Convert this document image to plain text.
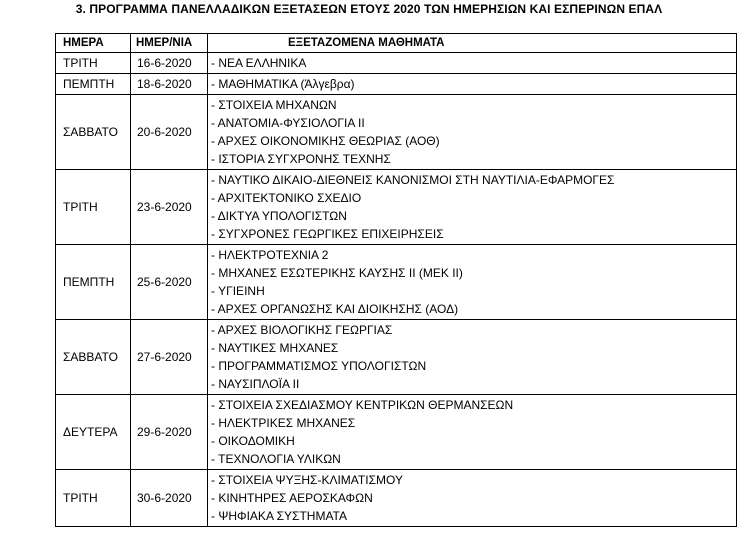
3. ΠΡΟΓΡΑΜΜΑ ΠΑΝΕΛΛΑΔΙΚΩΝ ΕΞΕΤΑΣΕΩΝ ΕΤΟΥΣ 2020 ΤΩΝ ΗΜΕΡΗΣΙΩΝ ΚΑΙ ΕΣΠΕΡΙΝΩΝ ΕΠΑΛ
ΗΜΕΡΑ	ΗΜΕΡ/ΝΙΑ	ΕΞΕΤΑΖΟΜΕΝΑ ΜΑΘΗΜΑΤΑ
ΤΡΙΤΗ	16-6-2020	- ΝΕΑ ΕΛΛΗΝΙΚΑ

ΠΕΜΠΤΗ	18-6-2020	- ΜΑΘΗΜΑΤΙΚΑ (Άλγεβρα)

ΣΑΒΒΑΤΟ	20-6-2020	- ΣΤΟΙΧΕΙΑ ΜΗΧΑΝΩΝ
- ΑΝΑΤΟΜΙΑ-ΦΥΣΙΟΛΟΓΙΑ ΙΙ
- ΑΡΧΕΣ ΟΙΚΟΝΟΜΙΚΗΣ ΘΕΩΡΙΑΣ (ΑΟΘ)
- ΙΣΤΟΡΙΑ ΣΥΓΧΡΟΝΗΣ ΤΕΧΝΗΣ

ΤΡΙΤΗ	23-6-2020	- ΝΑΥΤΙΚΟ ΔΙΚΑΙΟ-ΔΙΕΘΝΕΙΣ ΚΑΝΟΝΙΣΜΟΙ ΣΤΗ ΝΑΥΤΙΛΙΑ-ΕΦΑΡΜΟΓΕΣ
- ΑΡΧΙΤΕΚΤΟΝΙΚΟ ΣΧΕΔΙΟ
- ΔΙΚΤΥΑ ΥΠΟΛΟΓΙΣΤΩΝ
- ΣΥΓΧΡΟΝΕΣ ΓΕΩΡΓΙΚΕΣ ΕΠΙΧΕΙΡΗΣΕΙΣ

ΠΕΜΠΤΗ	25-6-2020	- ΗΛΕΚΤΡΟΤΕΧΝΙΑ 2
- ΜΗΧΑΝΕΣ ΕΣΩΤΕΡΙΚΗΣ ΚΑΥΣΗΣ ΙΙ (ΜΕΚ ΙΙ)
- ΥΓΙΕΙΝΗ
- ΑΡΧΕΣ ΟΡΓΑΝΩΣΗΣ ΚΑΙ ΔΙΟΙΚΗΣΗΣ (ΑΟΔ)

ΣΑΒΒΑΤΟ	27-6-2020	- ΑΡΧΕΣ ΒΙΟΛΟΓΙΚΗΣ ΓΕΩΡΓΙΑΣ
- ΝΑΥΤΙΚΕΣ ΜΗΧΑΝΕΣ
- ΠΡΟΓΡΑΜΜΑΤΙΣΜΟΣ ΥΠΟΛΟΓΙΣΤΩΝ
- ΝΑΥΣΙΠΛΟΪΑ ΙΙ

ΔΕΥΤΕΡΑ	29-6-2020	- ΣΤΟΙΧΕΙΑ ΣΧΕΔΙΑΣΜΟΥ ΚΕΝΤΡΙΚΩΝ ΘΕΡΜΑΝΣΕΩΝ
- ΗΛΕΚΤΡΙΚΕΣ ΜΗΧΑΝΕΣ
- ΟΙΚΟΔΟΜΙΚΗ
- ΤΕΧΝΟΛΟΓΙΑ ΥΛΙΚΩΝ

ΤΡΙΤΗ	30-6-2020	- ΣΤΟΙΧΕΙΑ ΨΥΞΗΣ-ΚΛΙΜΑΤΙΣΜΟΥ
- ΚΙΝΗΤΗΡΕΣ ΑΕΡΟΣΚΑΦΩΝ
- ΨΗΦΙΑΚΑ ΣΥΣΤΗΜΑΤΑ
